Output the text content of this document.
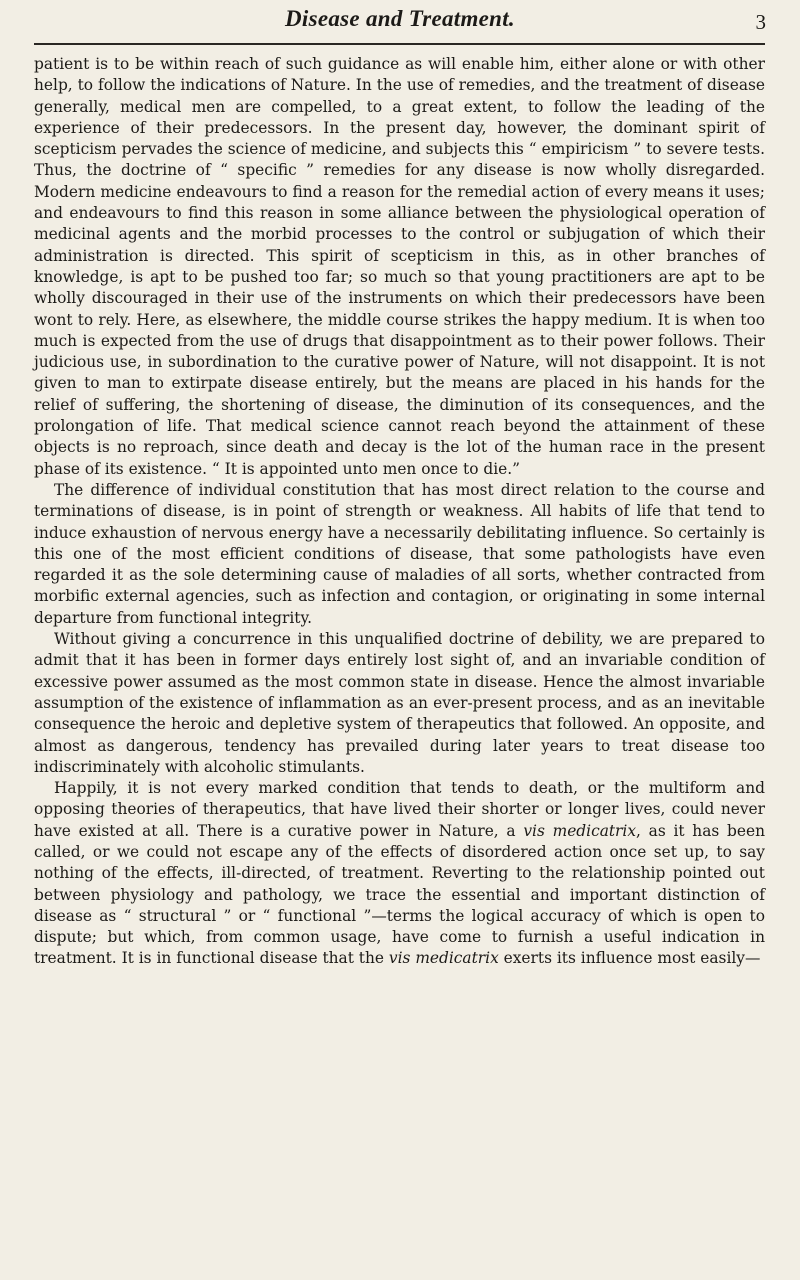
Disease and Treatment.	3

patient is to be within reach of such guidance as will enable him, either alone or with other help, to follow the indications of Nature. In the use of remedies, and the treatment of disease generally, medical men are compelled, to a great extent, to follow the leading of the experience of their predecessors. In the present day, however, the dominant spirit of scepticism pervades the science of medicine, and subjects this “ empiricism ” to severe tests. Thus, the doctrine of “ specific ” remedies for any disease is now wholly disregarded. Modern medicine endeavours to find a reason for the remedial action of every means it uses; and endeavours to find this reason in some alliance between the physiological operation of medicinal agents and the morbid processes to the control or subjugation of which their administration is directed. This spirit of scepticism in this, as in other branches of knowledge, is apt to be pushed too far; so much so that young practitioners are apt to be wholly discouraged in their use of the instruments on which their predecessors have been wont to rely. Here, as elsewhere, the middle course strikes the happy medium. It is when too much is expected from the use of drugs that disappointment as to their power follows. Their judicious use, in subordination to the curative power of Nature, will not disappoint. It is not given to man to extirpate disease entirely, but the means are placed in his hands for the relief of suffering, the shortening of disease, the diminution of its consequences, and the prolongation of life. That medical science cannot reach beyond the attainment of these objects is no reproach, since death and decay is the lot of the human race in the present phase of its existence. “ It is appointed unto men once to die.”

The difference of individual constitution that has most direct relation to the course and terminations of disease, is in point of strength or weakness. All habits of life that tend to induce exhaustion of nervous energy have a necessarily debilitating influence. So certainly is this one of the most efficient conditions of disease, that some pathologists have even regarded it as the sole determining cause of maladies of all sorts, whether contracted from morbific external agencies, such as infection and contagion, or originating in some internal departure from functional integrity.

Without giving a concurrence in this unqualified doctrine of debility, we are prepared to admit that it has been in former days entirely lost sight of, and an invariable condition of excessive power assumed as the most common state in disease. Hence the almost invariable assumption of the existence of inflammation as an ever-present process, and as an inevitable consequence the heroic and depletive system of therapeutics that followed. An opposite, and almost as dangerous, tendency has prevailed during later years to treat disease too indiscriminately with alcoholic stimulants.

Happily, it is not every marked condition that tends to death, or the multiform and opposing theories of therapeutics, that have lived their shorter or longer lives, could never have existed at all. There is a curative power in Nature, a vis medicatrix, as it has been called, or we could not escape any of the effects of disordered action once set up, to say nothing of the effects, ill-directed, of treatment. Reverting to the relationship pointed out between physiology and pathology, we trace the essential and important distinction of disease as “ structural ” or “ functional ”—terms the logical accuracy of which is open to dispute; but which, from common usage, have come to furnish a useful indication in treatment. It is in functional disease that the vis medicatrix exerts its influence most easily—
